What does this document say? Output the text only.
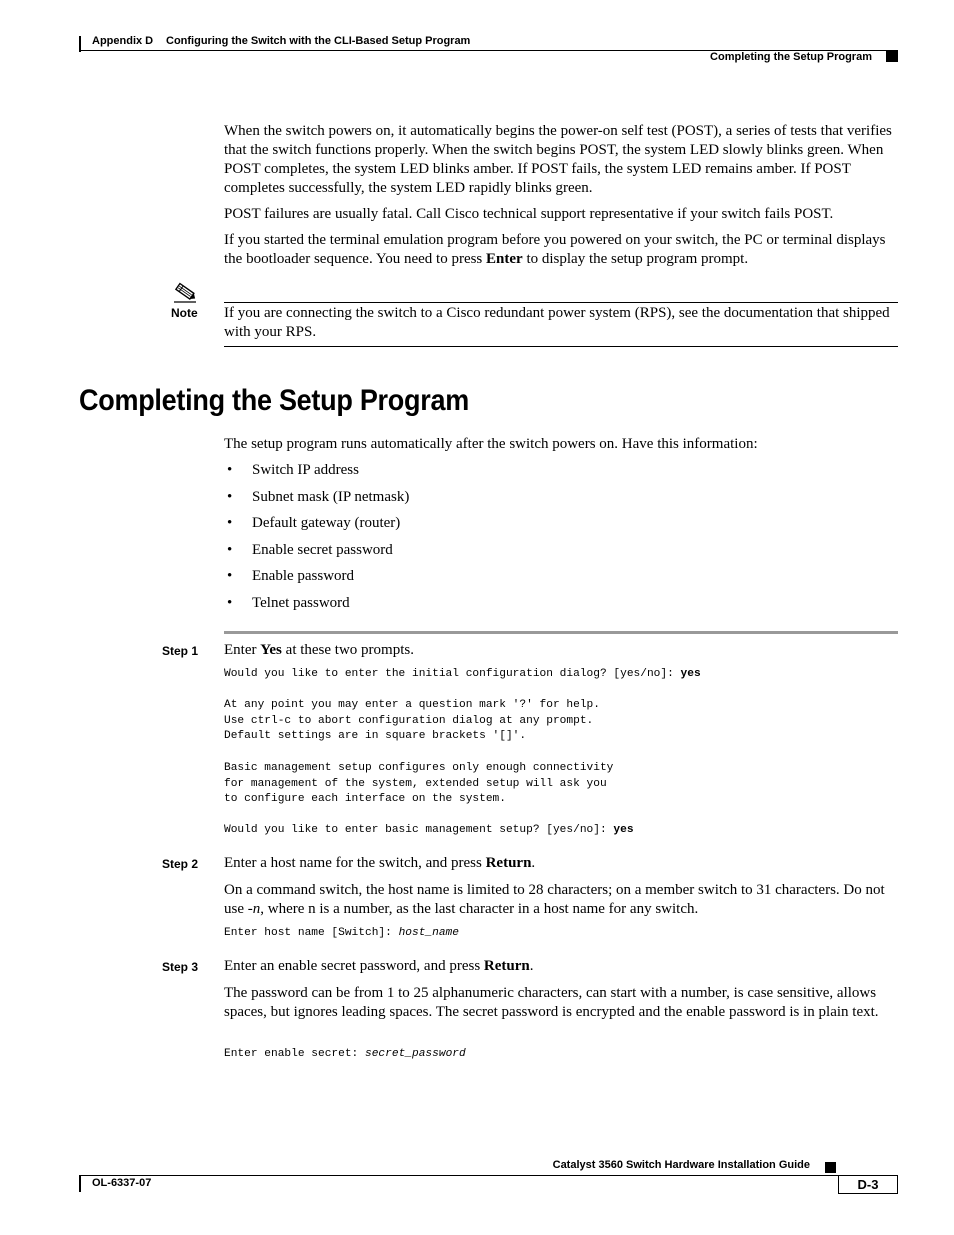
Appendix D Configuring the Switch with the CLI-Based Setup Program
Completing the Setup Program

When the switch powers on, it automatically begins the power-on self test (POST), a series of tests that verifies that the switch functions properly. When the switch begins POST, the system LED slowly blinks green. When POST completes, the system LED blinks amber. If POST fails, the system LED remains amber. If POST completes successfully, the system LED rapidly blinks green.

POST failures are usually fatal. Call Cisco technical support representative if your switch fails POST.

If you started the terminal emulation program before you powered on your switch, the PC or terminal displays the bootloader sequence. You need to press Enter to display the setup program prompt.

Note If you are connecting the switch to a Cisco redundant power system (RPS), see the documentation that shipped with your RPS.
Completing the Setup Program
The setup program runs automatically after the switch powers on. Have this information:
• Switch IP address
• Subnet mask (IP netmask)
• Default gateway (router)
• Enable secret password
• Enable password
• Telnet password
Step 1 Enter Yes at these two prompts.
Would you like to enter the initial configuration dialog? [yes/no]: yes
At any point you may enter a question mark '?' for help.
Use ctrl-c to abort configuration dialog at any prompt.
Default settings are in square brackets '[]'.
Basic management setup configures only enough connectivity
for management of the system, extended setup will ask you
to configure each interface on the system.
Would you like to enter basic management setup? [yes/no]: yes
Step 2 Enter a host name for the switch, and press Return.
On a command switch, the host name is limited to 28 characters; on a member switch to 31 characters. Do not use -n, where n is a number, as the last character in a host name for any switch.
Enter host name [Switch]: host_name
Step 3 Enter an enable secret password, and press Return.
The password can be from 1 to 25 alphanumeric characters, can start with a number, is case sensitive, allows spaces, but ignores leading spaces. The secret password is encrypted and the enable password is in plain text.
Enter enable secret: secret_password
Catalyst 3560 Switch Hardware Installation Guide
OL-6337-07	D-3
